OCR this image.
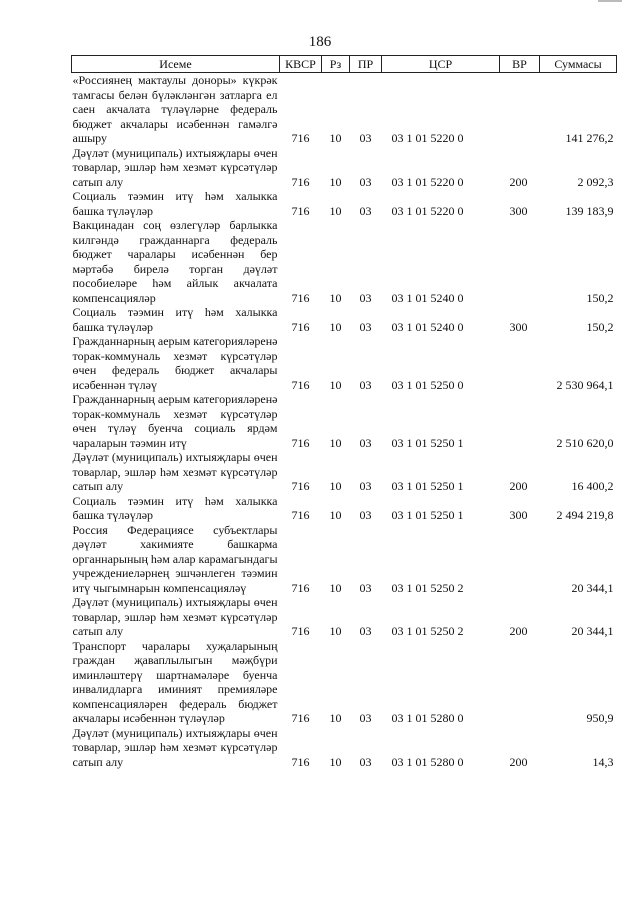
186
Исеме	КВСР	Рз	ПР	ЦСР	ВР	Суммасы
«Россиянең мактаулы доноры» күкрәк тамгасы белән бүләкләнгән затларга ел саен акчалата түләүләрне федераль бюджет акчалары исәбеннән гамәлгә ашыру	716	10	03	03 1 01 5220 0		141 276,2
Дәүләт (муниципаль) ихтыяҗлары өчен товарлар, эшләр һәм хезмәт күрсәтүләр сатып алу	716	10	03	03 1 01 5220 0	200	2 092,3
Социаль тәэмин итү һәм халыкка башка түләүләр	716	10	03	03 1 01 5220 0	300	139 183,9
Вакцинадан соң өзлегүләр барлыкка килгәндә гражданнарга федераль бюджет чаралары исәбеннән бер мәртәбә бирелә торган дәүләт пособиеләре һәм айлык акчалата компенсацияләр	716	10	03	03 1 01 5240 0		150,2
Социаль тәэмин итү һәм халыкка башка түләүләр	716	10	03	03 1 01 5240 0	300	150,2
Гражданнарның аерым категорияләренә торак-коммуналь хезмәт күрсәтүләр өчен федераль бюджет акчалары исәбеннән түләү	716	10	03	03 1 01 5250 0		2 530 964,1
Гражданнарның аерым категорияләренә торак-коммуналь хезмәт күрсәтүләр өчен түләү буенча социаль ярдәм чараларын тәэмин итү	716	10	03	03 1 01 5250 1		2 510 620,0
Дәүләт (муниципаль) ихтыяҗлары өчен товарлар, эшләр һәм хезмәт күрсәтүләр сатып алу	716	10	03	03 1 01 5250 1	200	16 400,2
Социаль тәэмин итү һәм халыкка башка түләүләр	716	10	03	03 1 01 5250 1	300	2 494 219,8
Россия Федерациясе субъектлары дәүләт хакимияте башкарма органнарының һәм алар карамагындагы учреждениеләрнең эшчәнлеген тәэмин итү чыгымнарын компенсацияләү	716	10	03	03 1 01 5250 2		20 344,1
Дәүләт (муниципаль) ихтыяҗлары өчен товарлар, эшләр һәм хезмәт күрсәтүләр сатып алу	716	10	03	03 1 01 5250 2	200	20 344,1
Транспорт чаралары хуҗаларының граждан җаваплылыгын мәҗбүри иминләштерү шартнамәләре буенча инвалидларга иминият премияләре компенсацияләрен федераль бюджет акчалары исәбеннән түләүләр	716	10	03	03 1 01 5280 0		950,9
Дәүләт (муниципаль) ихтыяҗлары өчен товарлар, эшләр һәм хезмәт күрсәтүләр сатып алу	716	10	03	03 1 01 5280 0	200	14,3
